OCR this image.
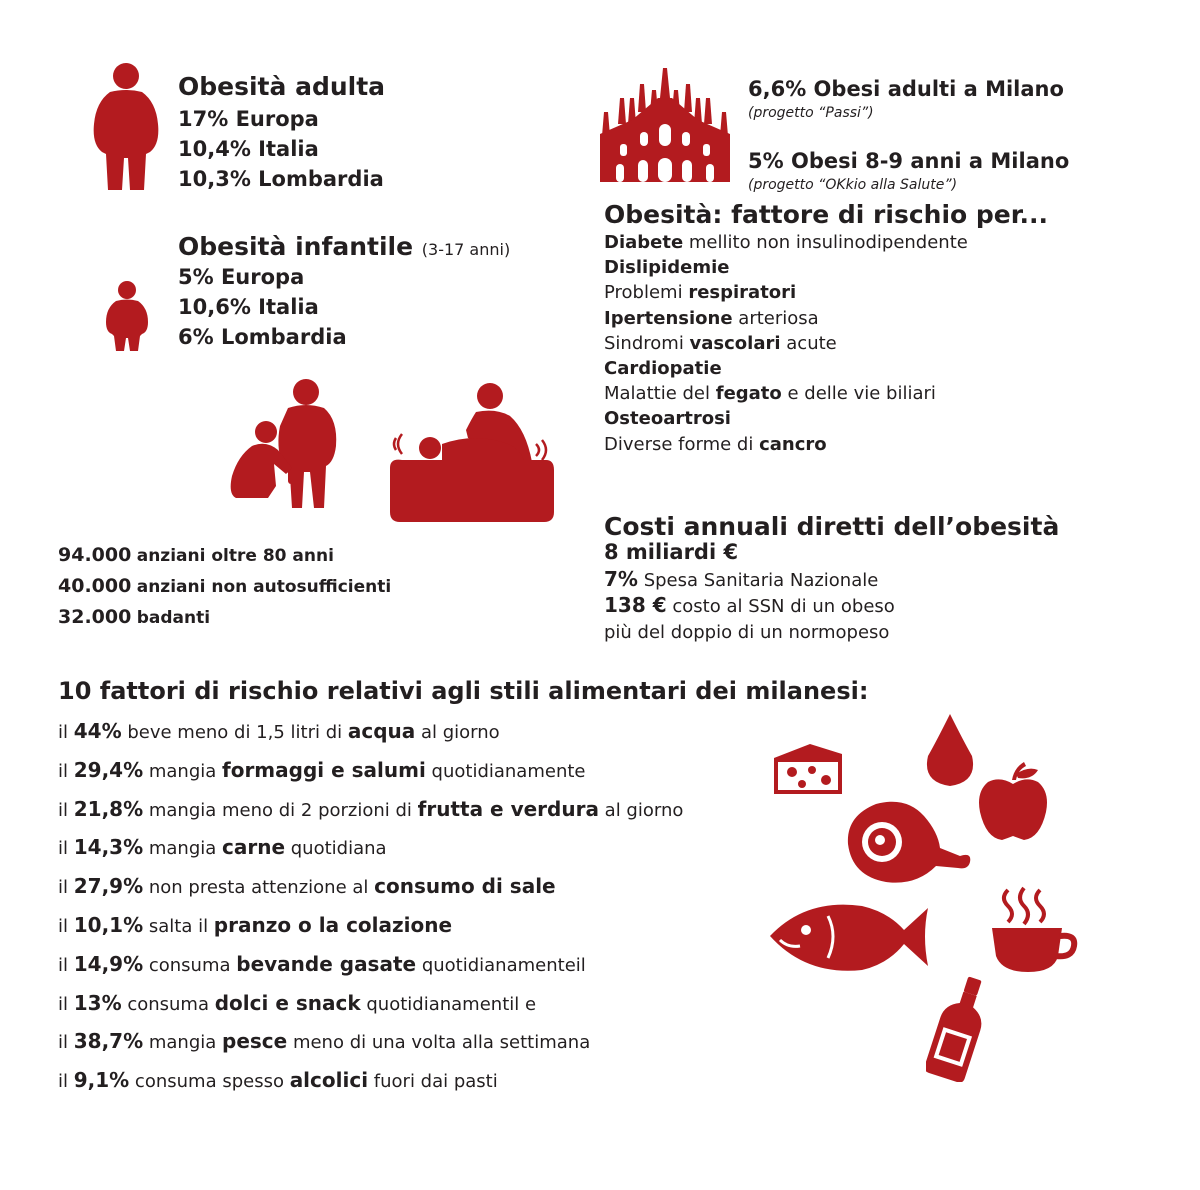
Obesità adulta
17% Europa
10,4% Italia
10,3% Lombardia
Obesità infantile (3-17 anni)
5% Europa
10,6% Italia
6% Lombardia
94.000 anziani oltre 80 anni
40.000 anziani non autosufficienti
32.000 badanti
6,6% Obesi adulti a Milano
(progetto “Passi”)
5% Obesi 8-9 anni a Milano
(progetto “OKkio alla Salute”)
Obesità: fattore di rischio per...
Diabete mellito non insulinodipendente
Dislipidemie
Problemi respiratori
Ipertensione arteriosa
Sindromi vascolari acute
Cardiopatie
Malattie del fegato e delle vie biliari
Osteoartrosi
Diverse forme di cancro
Costi annuali diretti dell’obesità
8 miliardi €
7% Spesa Sanitaria Nazionale
138 € costo al SSN di un obeso
più del doppio di un normopeso
10 fattori di rischio relativi agli stili alimentari dei milanesi:
il 44% beve meno di 1,5 litri di acqua al giorno
il 29,4% mangia formaggi e salumi quotidianamente
il 21,8% mangia meno di 2 porzioni di frutta e verdura al giorno
il 14,3% mangia carne quotidiana
il 27,9% non presta attenzione al consumo di sale
il 10,1% salta il pranzo o la colazione
il 14,9% consuma bevande gasate quotidianamenteil
il 13% consuma dolci e snack quotidianamentil e
il 38,7% mangia pesce meno di una volta alla settimana
il 9,1% consuma spesso alcolici fuori dai pasti
